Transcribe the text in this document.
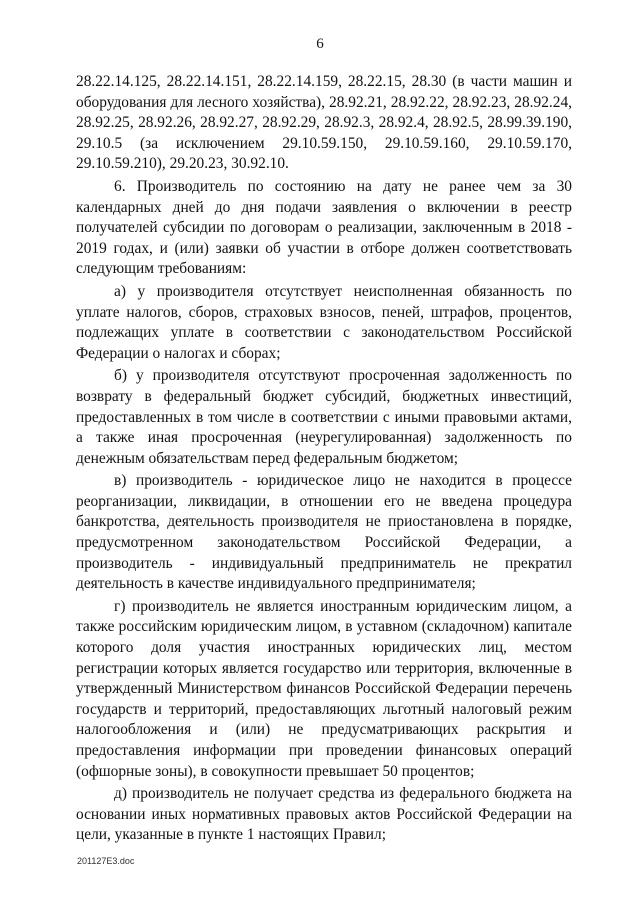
6

28.22.14.125, 28.22.14.151, 28.22.14.159, 28.22.15, 28.30 (в части машин и оборудования для лесного хозяйства), 28.92.21, 28.92.22, 28.92.23, 28.92.24, 28.92.25, 28.92.26, 28.92.27, 28.92.29, 28.92.3, 28.92.4, 28.92.5, 28.99.39.190, 29.10.5 (за исключением 29.10.59.150, 29.10.59.160, 29.10.59.170, 29.10.59.210), 29.20.23, 30.92.10.

6. Производитель по состоянию на дату не ранее чем за 30 календарных дней до дня подачи заявления о включении в реестр получателей субсидии по договорам о реализации, заключенным в 2018 - 2019 годах, и (или) заявки об участии в отборе должен соответствовать следующим требованиям:

а) у производителя отсутствует неисполненная обязанность по уплате налогов, сборов, страховых взносов, пеней, штрафов, процентов, подлежащих уплате в соответствии с законодательством Российской Федерации о налогах и сборах;

б) у производителя отсутствуют просроченная задолженность по возврату в федеральный бюджет субсидий, бюджетных инвестиций, предоставленных в том числе в соответствии с иными правовыми актами, а также иная просроченная (неурегулированная) задолженность по денежным обязательствам перед федеральным бюджетом;

в) производитель - юридическое лицо не находится в процессе реорганизации, ликвидации, в отношении его не введена процедура банкротства, деятельность производителя не приостановлена в порядке, предусмотренном законодательством Российской Федерации, а производитель - индивидуальный предприниматель не прекратил деятельность в качестве индивидуального предпринимателя;

г) производитель не является иностранным юридическим лицом, а также российским юридическим лицом, в уставном (складочном) капитале которого доля участия иностранных юридических лиц, местом регистрации которых является государство или территория, включенные в утвержденный Министерством финансов Российской Федерации перечень государств и территорий, предоставляющих льготный налоговый режим налогообложения и (или) не предусматривающих раскрытия и предоставления информации при проведении финансовых операций (офшорные зоны), в совокупности превышает 50 процентов;

д) производитель не получает средства из федерального бюджета на основании иных нормативных правовых актов Российской Федерации на цели, указанные в пункте 1 настоящих Правил;

201127E3.doc
